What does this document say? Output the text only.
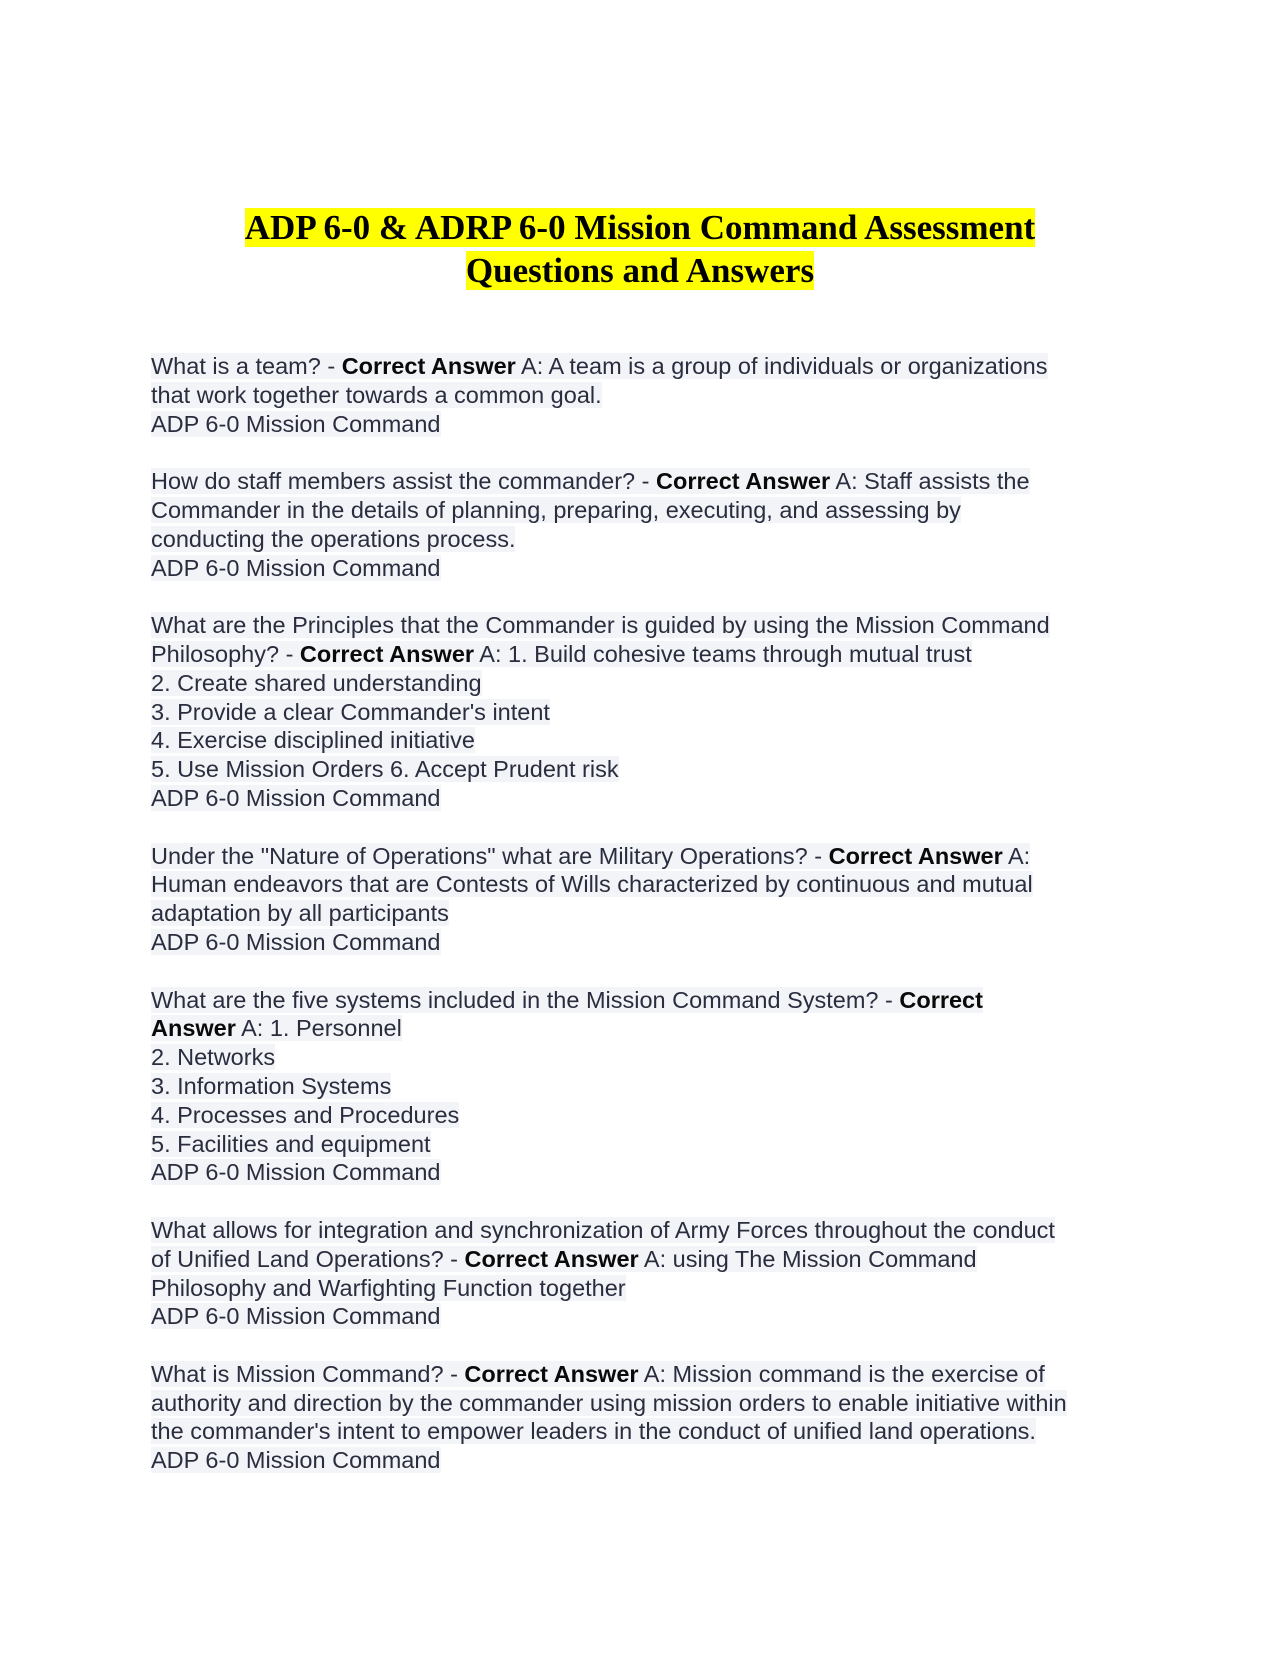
ADP 6-0 & ADRP 6-0 Mission Command Assessment
Questions and Answers
What is a team? - Correct Answer A: A team is a group of individuals or organizations
that work together towards a common goal.
ADP 6-0 Mission Command
How do staff members assist the commander? - Correct Answer A: Staff assists the
Commander in the details of planning, preparing, executing, and assessing by
conducting the operations process.
ADP 6-0 Mission Command
What are the Principles that the Commander is guided by using the Mission Command
Philosophy? - Correct Answer A: 1. Build cohesive teams through mutual trust
2. Create shared understanding
3. Provide a clear Commander's intent
4. Exercise disciplined initiative
5. Use Mission Orders 6. Accept Prudent risk
ADP 6-0 Mission Command
Under the "Nature of Operations" what are Military Operations? - Correct Answer A:
Human endeavors that are Contests of Wills characterized by continuous and mutual
adaptation by all participants
ADP 6-0 Mission Command
What are the five systems included in the Mission Command System? - Correct
Answer A: 1. Personnel
2. Networks
3. Information Systems
4. Processes and Procedures
5. Facilities and equipment
ADP 6-0 Mission Command
What allows for integration and synchronization of Army Forces throughout the conduct
of Unified Land Operations? - Correct Answer A: using The Mission Command
Philosophy and Warfighting Function together
ADP 6-0 Mission Command
What is Mission Command? - Correct Answer A: Mission command is the exercise of
authority and direction by the commander using mission orders to enable initiative within
the commander's intent to empower leaders in the conduct of unified land operations.
ADP 6-0 Mission Command
